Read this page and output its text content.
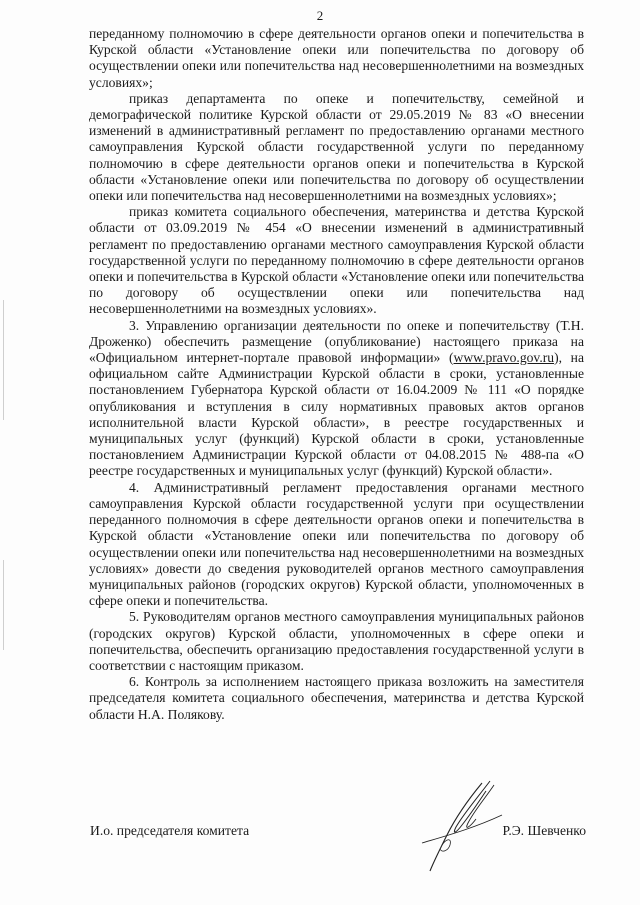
2

переданному полномочию в сфере деятельности органов опеки и попечительства в Курской области «Установление опеки или попечительства по договору об осуществлении опеки или попечительства над несовершеннолетними на возмездных условиях»;

приказ департамента по опеке и попечительству, семейной и демографической политике Курской области от 29.05.2019 № 83 «О внесении изменений в административный регламент по предоставлению органами местного самоуправления Курской области государственной услуги по переданному полномочию в сфере деятельности органов опеки и попечительства в Курской области «Установление опеки или попечительства по договору об осуществлении опеки или попечительства над несовершеннолетними на возмездных условиях»;

приказ комитета социального обеспечения, материнства и детства Курской области от 03.09.2019 № 454 «О внесении изменений в административный регламент по предоставлению органами местного самоуправления Курской области государственной услуги по переданному полномочию в сфере деятельности органов опеки и попечительства в Курской области «Установление опеки или попечительства по договору об осуществлении опеки или попечительства над несовершеннолетними на возмездных условиях».

3. Управлению организации деятельности по опеке и попечительству (Т.Н. Дроженко) обеспечить размещение (опубликование) настоящего приказа на «Официальном интернет-портале правовой информации» (www.pravo.gov.ru), на официальном сайте Администрации Курской области в сроки, установленные постановлением Губернатора Курской области от 16.04.2009 № 111 «О порядке опубликования и вступления в силу нормативных правовых актов органов исполнительной власти Курской области», в реестре государственных и муниципальных услуг (функций) Курской области в сроки, установленные постановлением Администрации Курской области от 04.08.2015 № 488-па «О реестре государственных и муниципальных услуг (функций) Курской области».

4. Административный регламент предоставления органами местного самоуправления Курской области государственной услуги при осуществлении переданного полномочия в сфере деятельности органов опеки и попечительства в Курской области «Установление опеки или попечительства по договору об осуществлении опеки или попечительства над несовершеннолетними на возмездных условиях» довести до сведения руководителей органов местного самоуправления муниципальных районов (городских округов) Курской области, уполномоченных в сфере опеки и попечительства.

5. Руководителям органов местного самоуправления муниципальных районов (городских округов) Курской области, уполномоченных в сфере опеки и попечительства, обеспечить организацию предоставления государственной услуги в соответствии с настоящим приказом.

6. Контроль за исполнением настоящего приказа возложить на заместителя председателя комитета социального обеспечения, материнства и детства Курской области Н.А. Полякову.

И.о. председателя комитета	Р.Э. Шевченко
